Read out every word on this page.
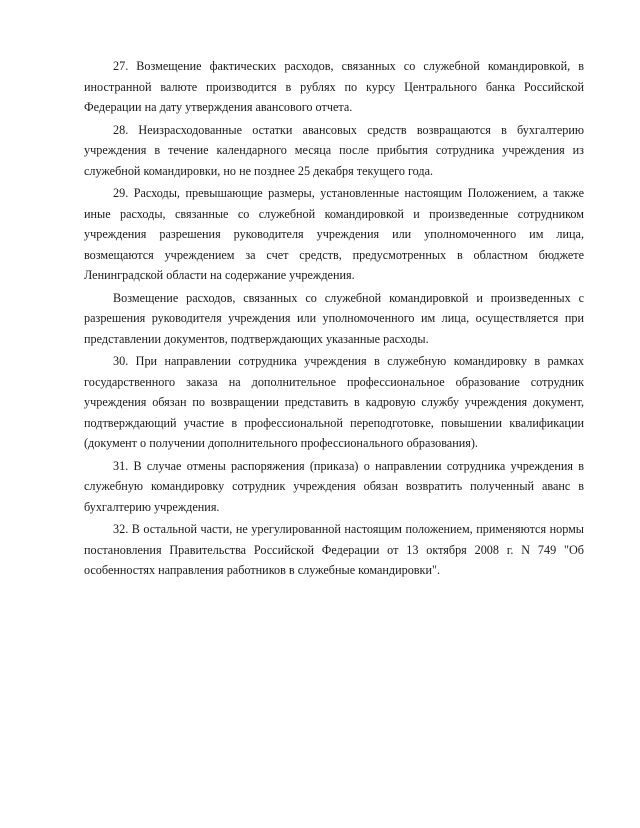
27. Возмещение фактических расходов, связанных со служебной командировкой, в иностранной валюте производится в рублях по курсу Центрального банка Российской Федерации на дату утверждения авансового отчета.

28. Неизрасходованные остатки авансовых средств возвращаются в бухгалтерию учреждения в течение календарного месяца после прибытия сотрудника учреждения из служебной командировки, но не позднее 25 декабря текущего года.

29. Расходы, превышающие размеры, установленные настоящим Положением, а также иные расходы, связанные со служебной командировкой и произведенные сотрудником учреждения разрешения руководителя учреждения или уполномоченного им лица, возмещаются учреждением за счет средств, предусмотренных в областном бюджете Ленинградской области на содержание учреждения.

Возмещение расходов, связанных со служебной командировкой и произведенных с разрешения руководителя учреждения или уполномоченного им лица, осуществляется при представлении документов, подтверждающих указанные расходы.

30. При направлении сотрудника учреждения в служебную командировку в рамках государственного заказа на дополнительное профессиональное образование сотрудник учреждения обязан по возвращении представить в кадровую службу учреждения документ, подтверждающий участие в профессиональной переподготовке, повышении квалификации (документ о получении дополнительного профессионального образования).

31. В случае отмены распоряжения (приказа) о направлении сотрудника учреждения в служебную командировку сотрудник учреждения обязан возвратить полученный аванс в бухгалтерию учреждения.

32. В остальной части, не урегулированной настоящим положением, применяются нормы постановления Правительства Российской Федерации от 13 октября 2008 г. N 749 "Об особенностях направления работников в служебные командировки".
